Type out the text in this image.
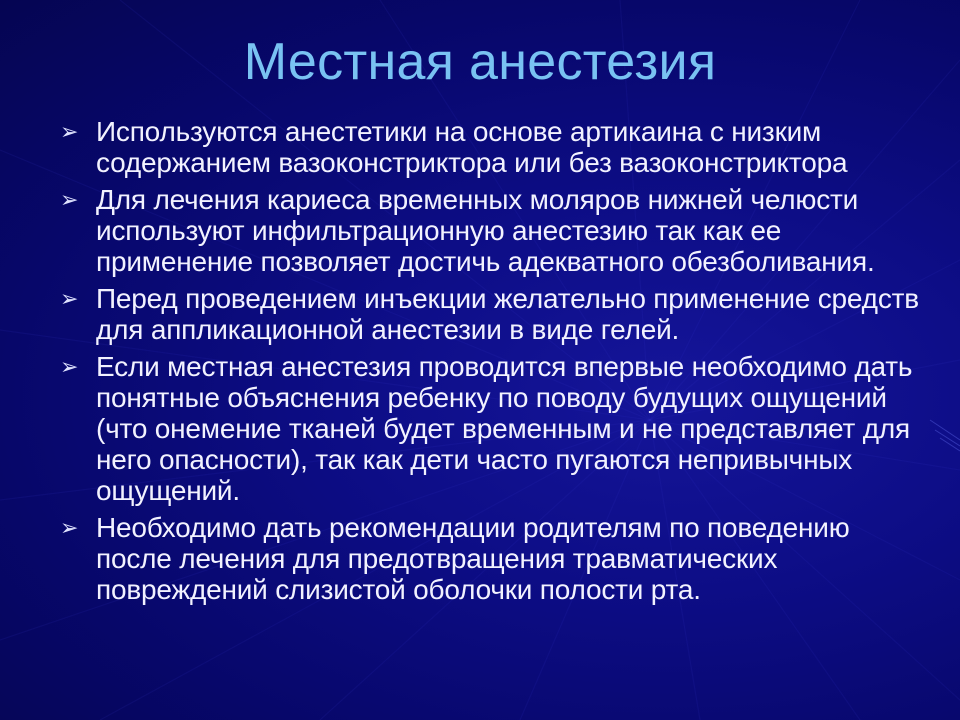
Местная анестезия
➢ Используются анестетики на основе артикаина с низким содержанием вазоконстриктора или без вазоконстриктора
➢ Для лечения кариеса временных моляров нижней челюсти используют инфильтрационную анестезию так как ее применение позволяет достичь адекватного обезболивания.
➢ Перед проведением инъекции желательно применение средств для аппликационной анестезии в виде гелей.
➢ Если местная анестезия проводится впервые необходимо дать понятные объяснения ребенку по поводу будущих ощущений (что онемение тканей будет временным и не представляет для него опасности), так как дети часто пугаются непривычных ощущений.
➢ Необходимо дать рекомендации родителям по поведению после лечения для предотвращения травматических повреждений слизистой оболочки полости рта.
